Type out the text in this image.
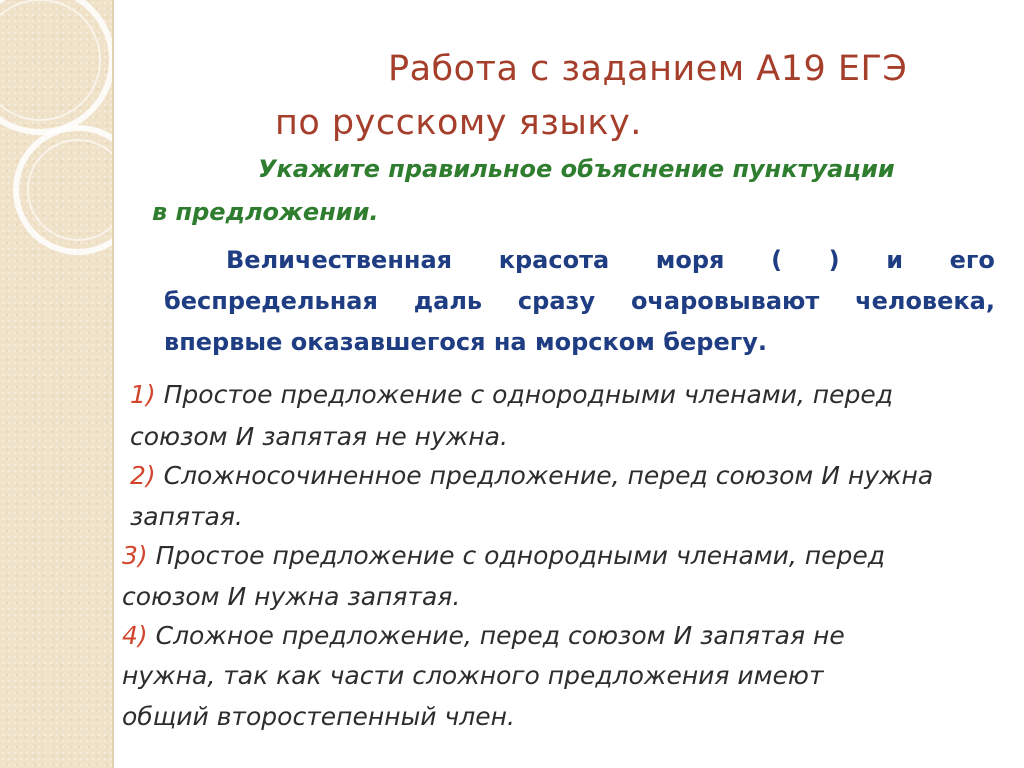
Работа с заданием А19 ЕГЭ
по русскому языку.

Укажите правильное объяснение пунктуации

в предложении.

Величественная красота моря ( ) и его
беспредельная даль сразу очаровывают человека,
впервые оказавшегося на морском берегу.
1) Простое предложение с однородными членами, перед
союзом И запятая не нужна.
2) Сложносочиненное предложение, перед союзом И нужна
запятая.
3) Простое предложение с однородными членами, перед
союзом И нужна запятая.
4) Сложное предложение, перед союзом И запятая не
нужна, так как части сложного предложения имеют
общий второстепенный член.
